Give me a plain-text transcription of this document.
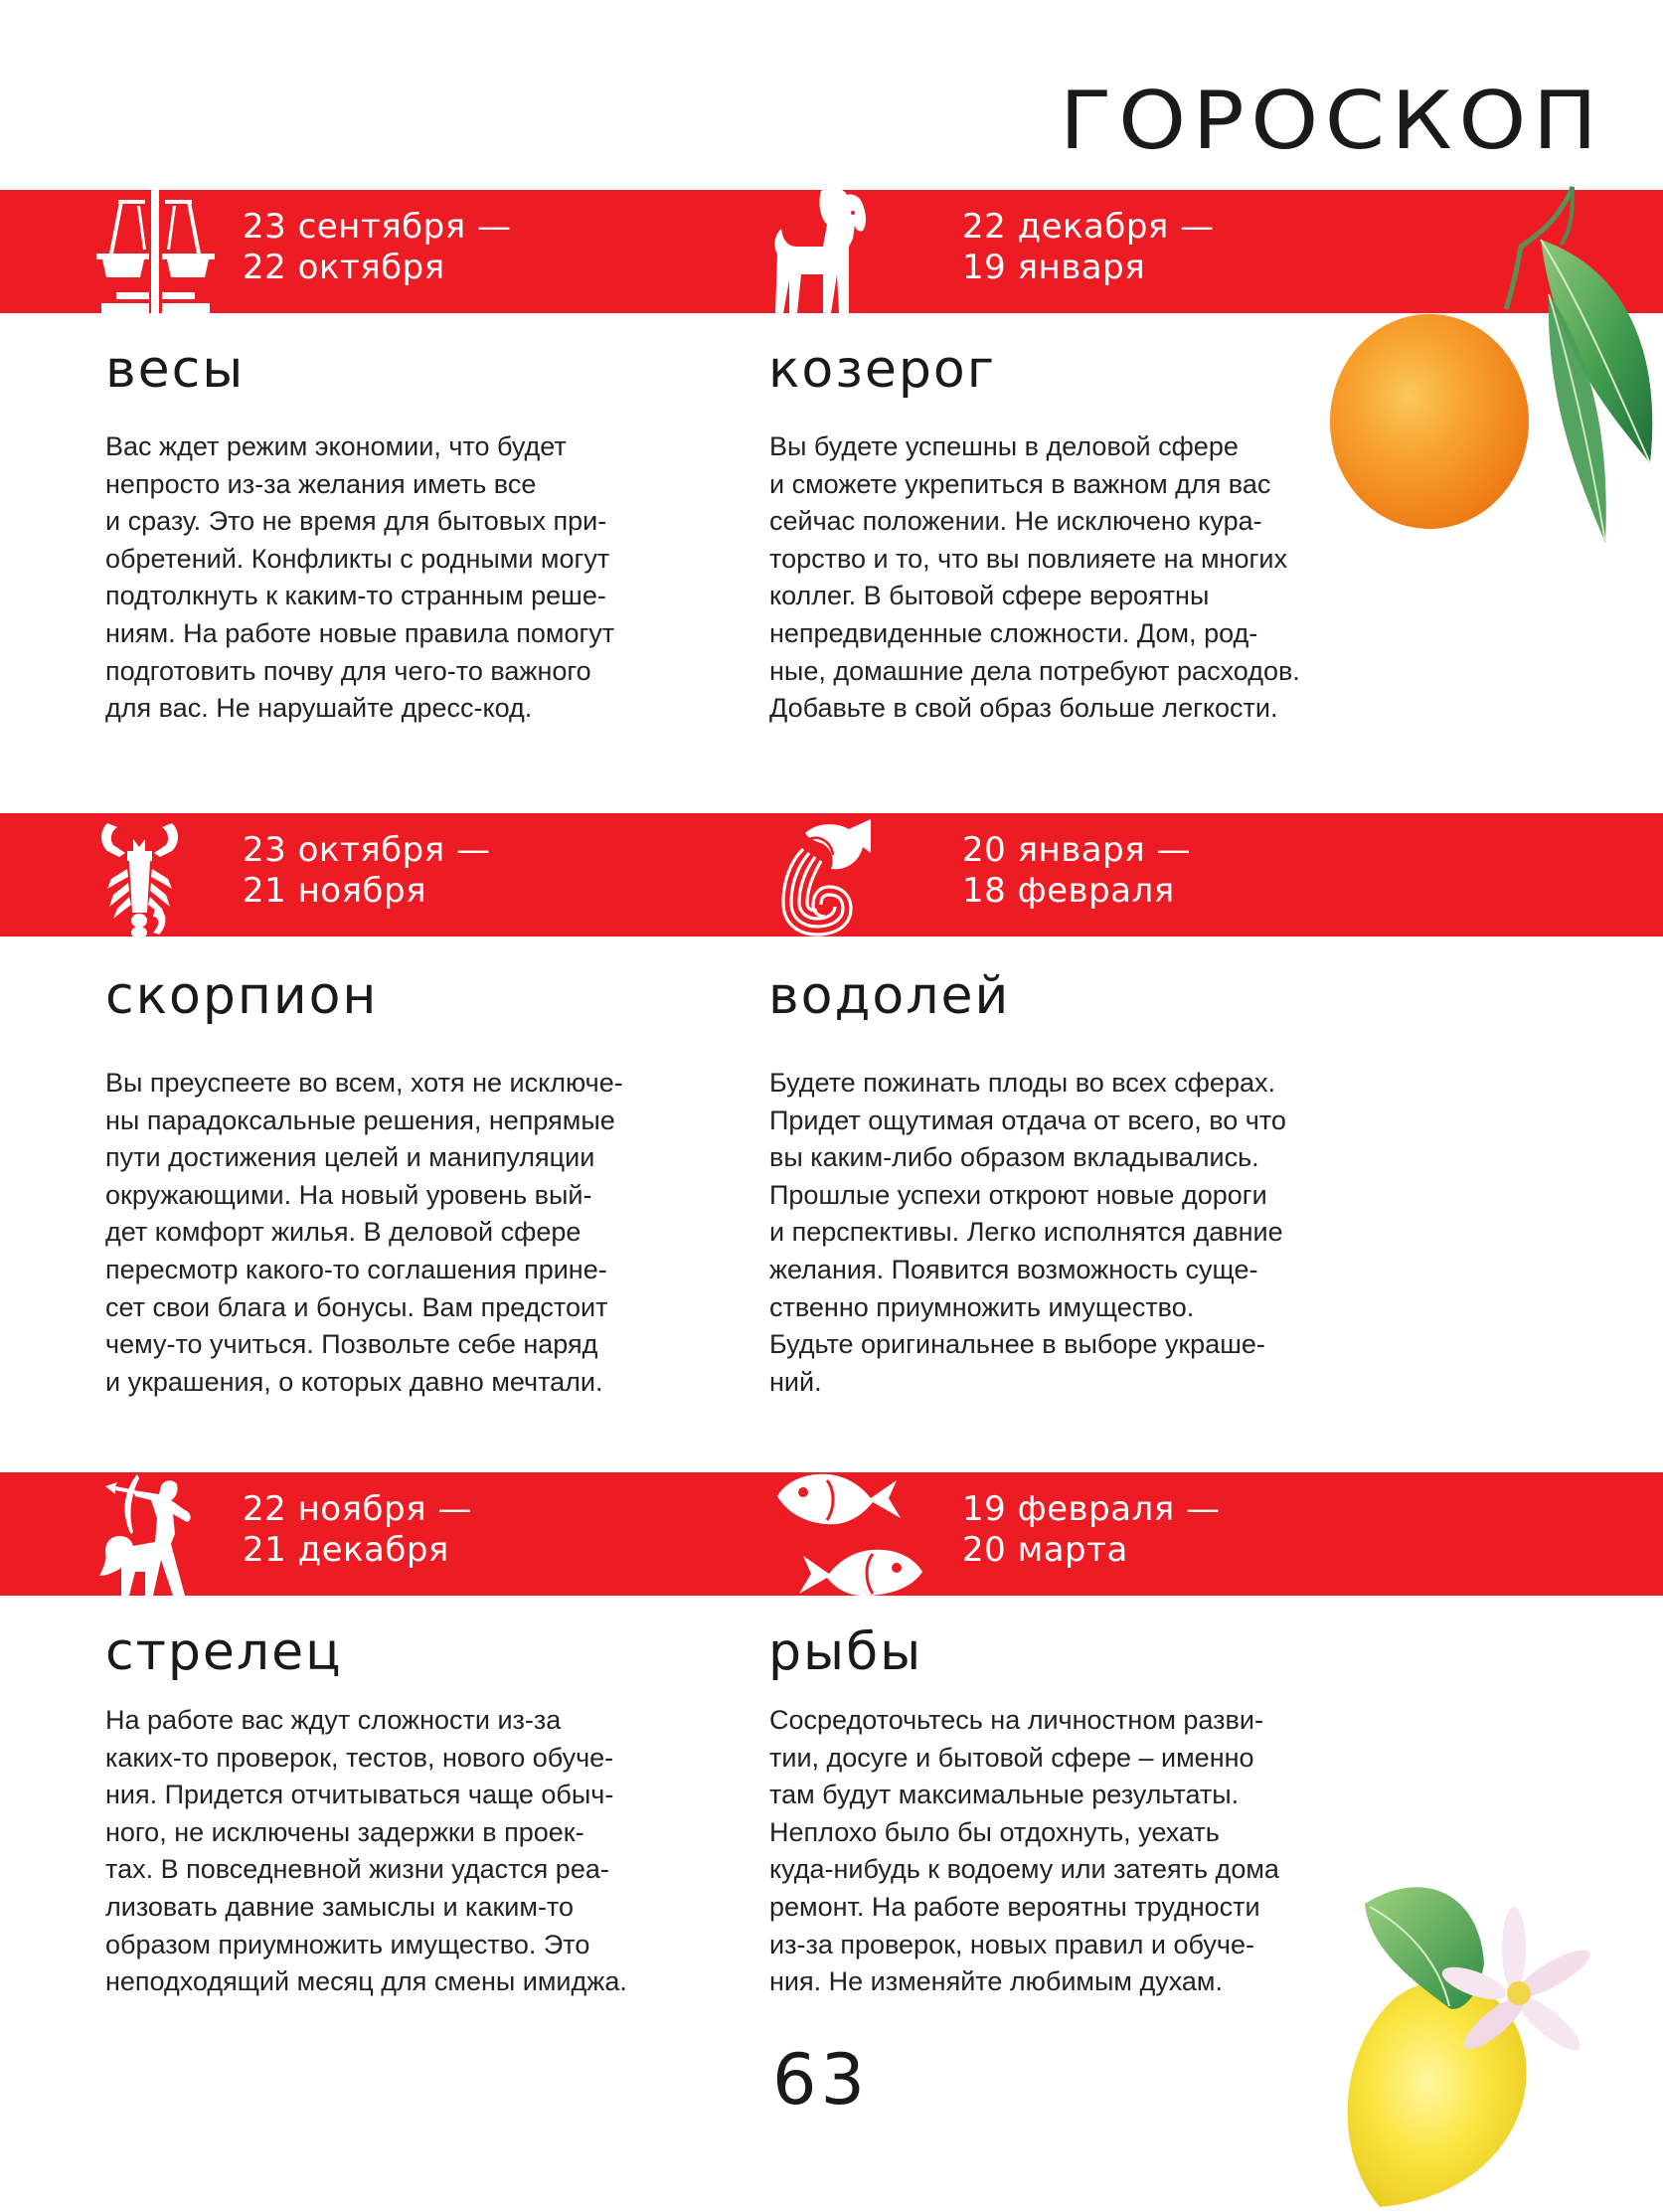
ГОРОСКОП
23 сентября —
22 октября
весы
Вас ждет режим экономии, что будет
непросто из-за желания иметь все
и сразу. Это не время для бытовых при-
обретений. Конфликты с родными могут
подтолкнуть к каким-то странным реше-
ниям. На работе новые правила помогут
подготовить почву для чего-то важного
для вас. Не нарушайте дресс-код.
22 декабря —
19 января
козерог
Вы будете успешны в деловой сфере
и сможете укрепиться в важном для вас
сейчас положении. Не исключено кура-
торство и то, что вы повлияете на многих
коллег. В бытовой сфере вероятны
непредвиденные сложности. Дом, род-
ные, домашние дела потребуют расходов.
Добавьте в свой образ больше легкости.
23 октября —
21 ноября
скорпион
Вы преуспеете во всем, хотя не исключе-
ны парадоксальные решения, непрямые
пути достижения целей и манипуляции
окружающими. На новый уровень вый-
дет комфорт жилья. В деловой сфере
пересмотр какого-то соглашения прине-
сет свои блага и бонусы. Вам предстоит
чему-то учиться. Позвольте себе наряд
и украшения, о которых давно мечтали.
20 января —
18 февраля
водолей
Будете пожинать плоды во всех сферах.
Придет ощутимая отдача от всего, во что
вы каким-либо образом вкладывались.
Прошлые успехи откроют новые дороги
и перспективы. Легко исполнятся давние
желания. Появится возможность суще-
ственно приумножить имущество.
Будьте оригинальнее в выборе украше-
ний.
22 ноября —
21 декабря
стрелец
На работе вас ждут сложности из-за
каких-то проверок, тестов, нового обуче-
ния. Придется отчитываться чаще обыч-
ного, не исключены задержки в проек-
тах. В повседневной жизни удастся реа-
лизовать давние замыслы и каким-то
образом приумножить имущество. Это
неподходящий месяц для смены имиджа.
19 февраля —
20 марта
рыбы
Сосредоточьтесь на личностном разви-
тии, досуге и бытовой сфере – именно
там будут максимальные результаты.
Неплохо было бы отдохнуть, уехать
куда-нибудь к водоему или затеять дома
ремонт. На работе вероятны трудности
из-за проверок, новых правил и обуче-
ния. Не изменяйте любимым духам.
63
